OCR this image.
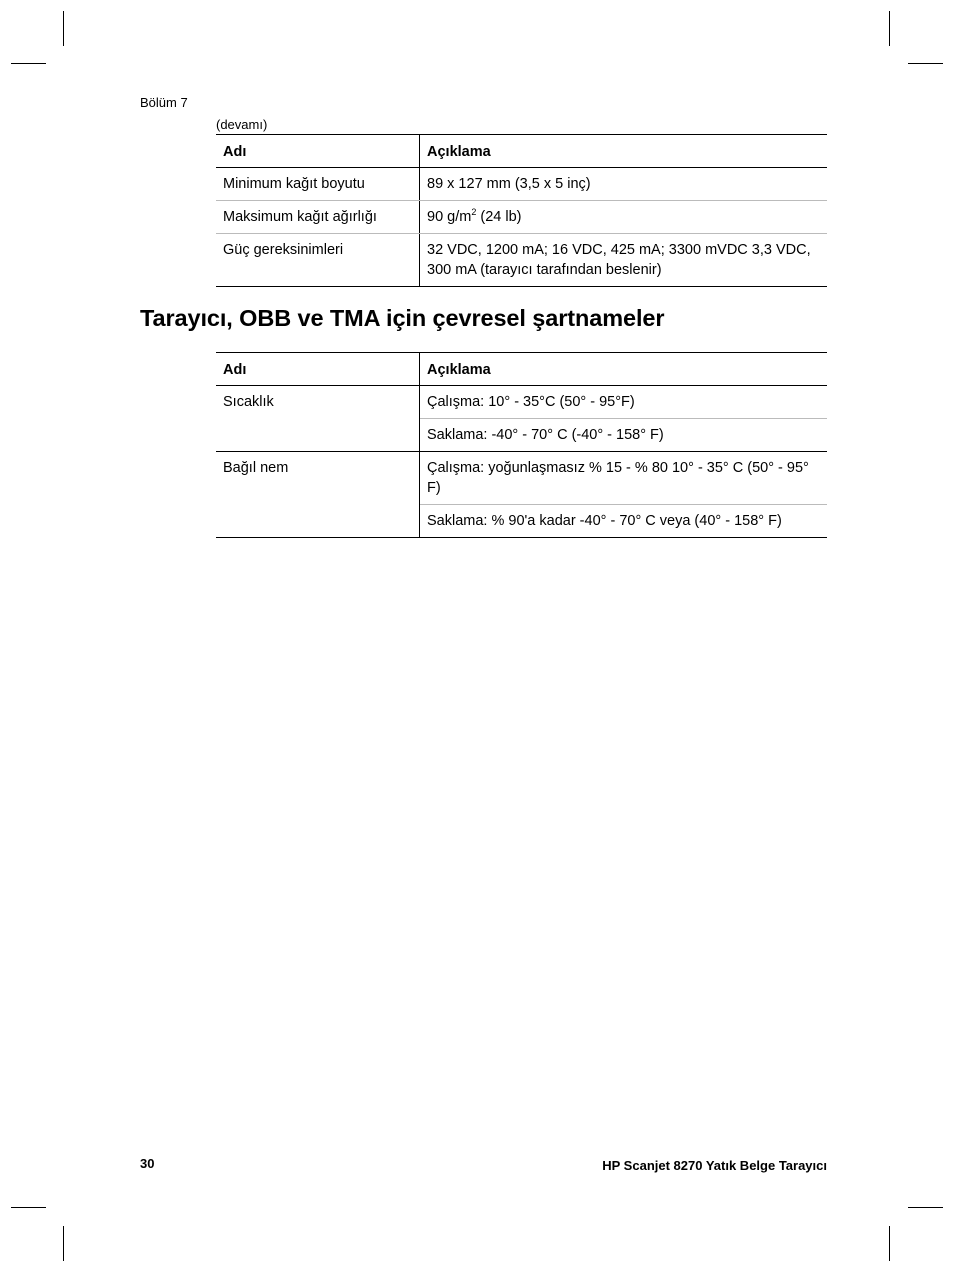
Bölüm 7
(devamı)
Adı	Açıklama
Minimum kağıt boyutu	89 x 127 mm (3,5 x 5 inç)
Maksimum kağıt ağırlığı	90 $g/m^2$ (24 lb)
Güç gereksinimleri	32 VDC, 1200 mA; 16 VDC, 425 mA; 3300 mVDC 3,3 VDC, 300 mA (tarayıcı tarafından beslenir)
Tarayıcı, OBB ve TMA için çevresel şartnameler
Adı	Açıklama
Sıcaklık	Çalışma: 10° - 35°C (50° - 95°F)
	Saklama: -40° - 70° C (-40° - 158° F)
Bağıl nem	Çalışma: yoğunlaşmasız % 15 - % 80 10° - 35° C (50° - 95° F)
	Saklama: % 90'a kadar -40° - 70° C veya (40° - 158° F)
30	HP Scanjet 8270 Yatık Belge Tarayıcı
